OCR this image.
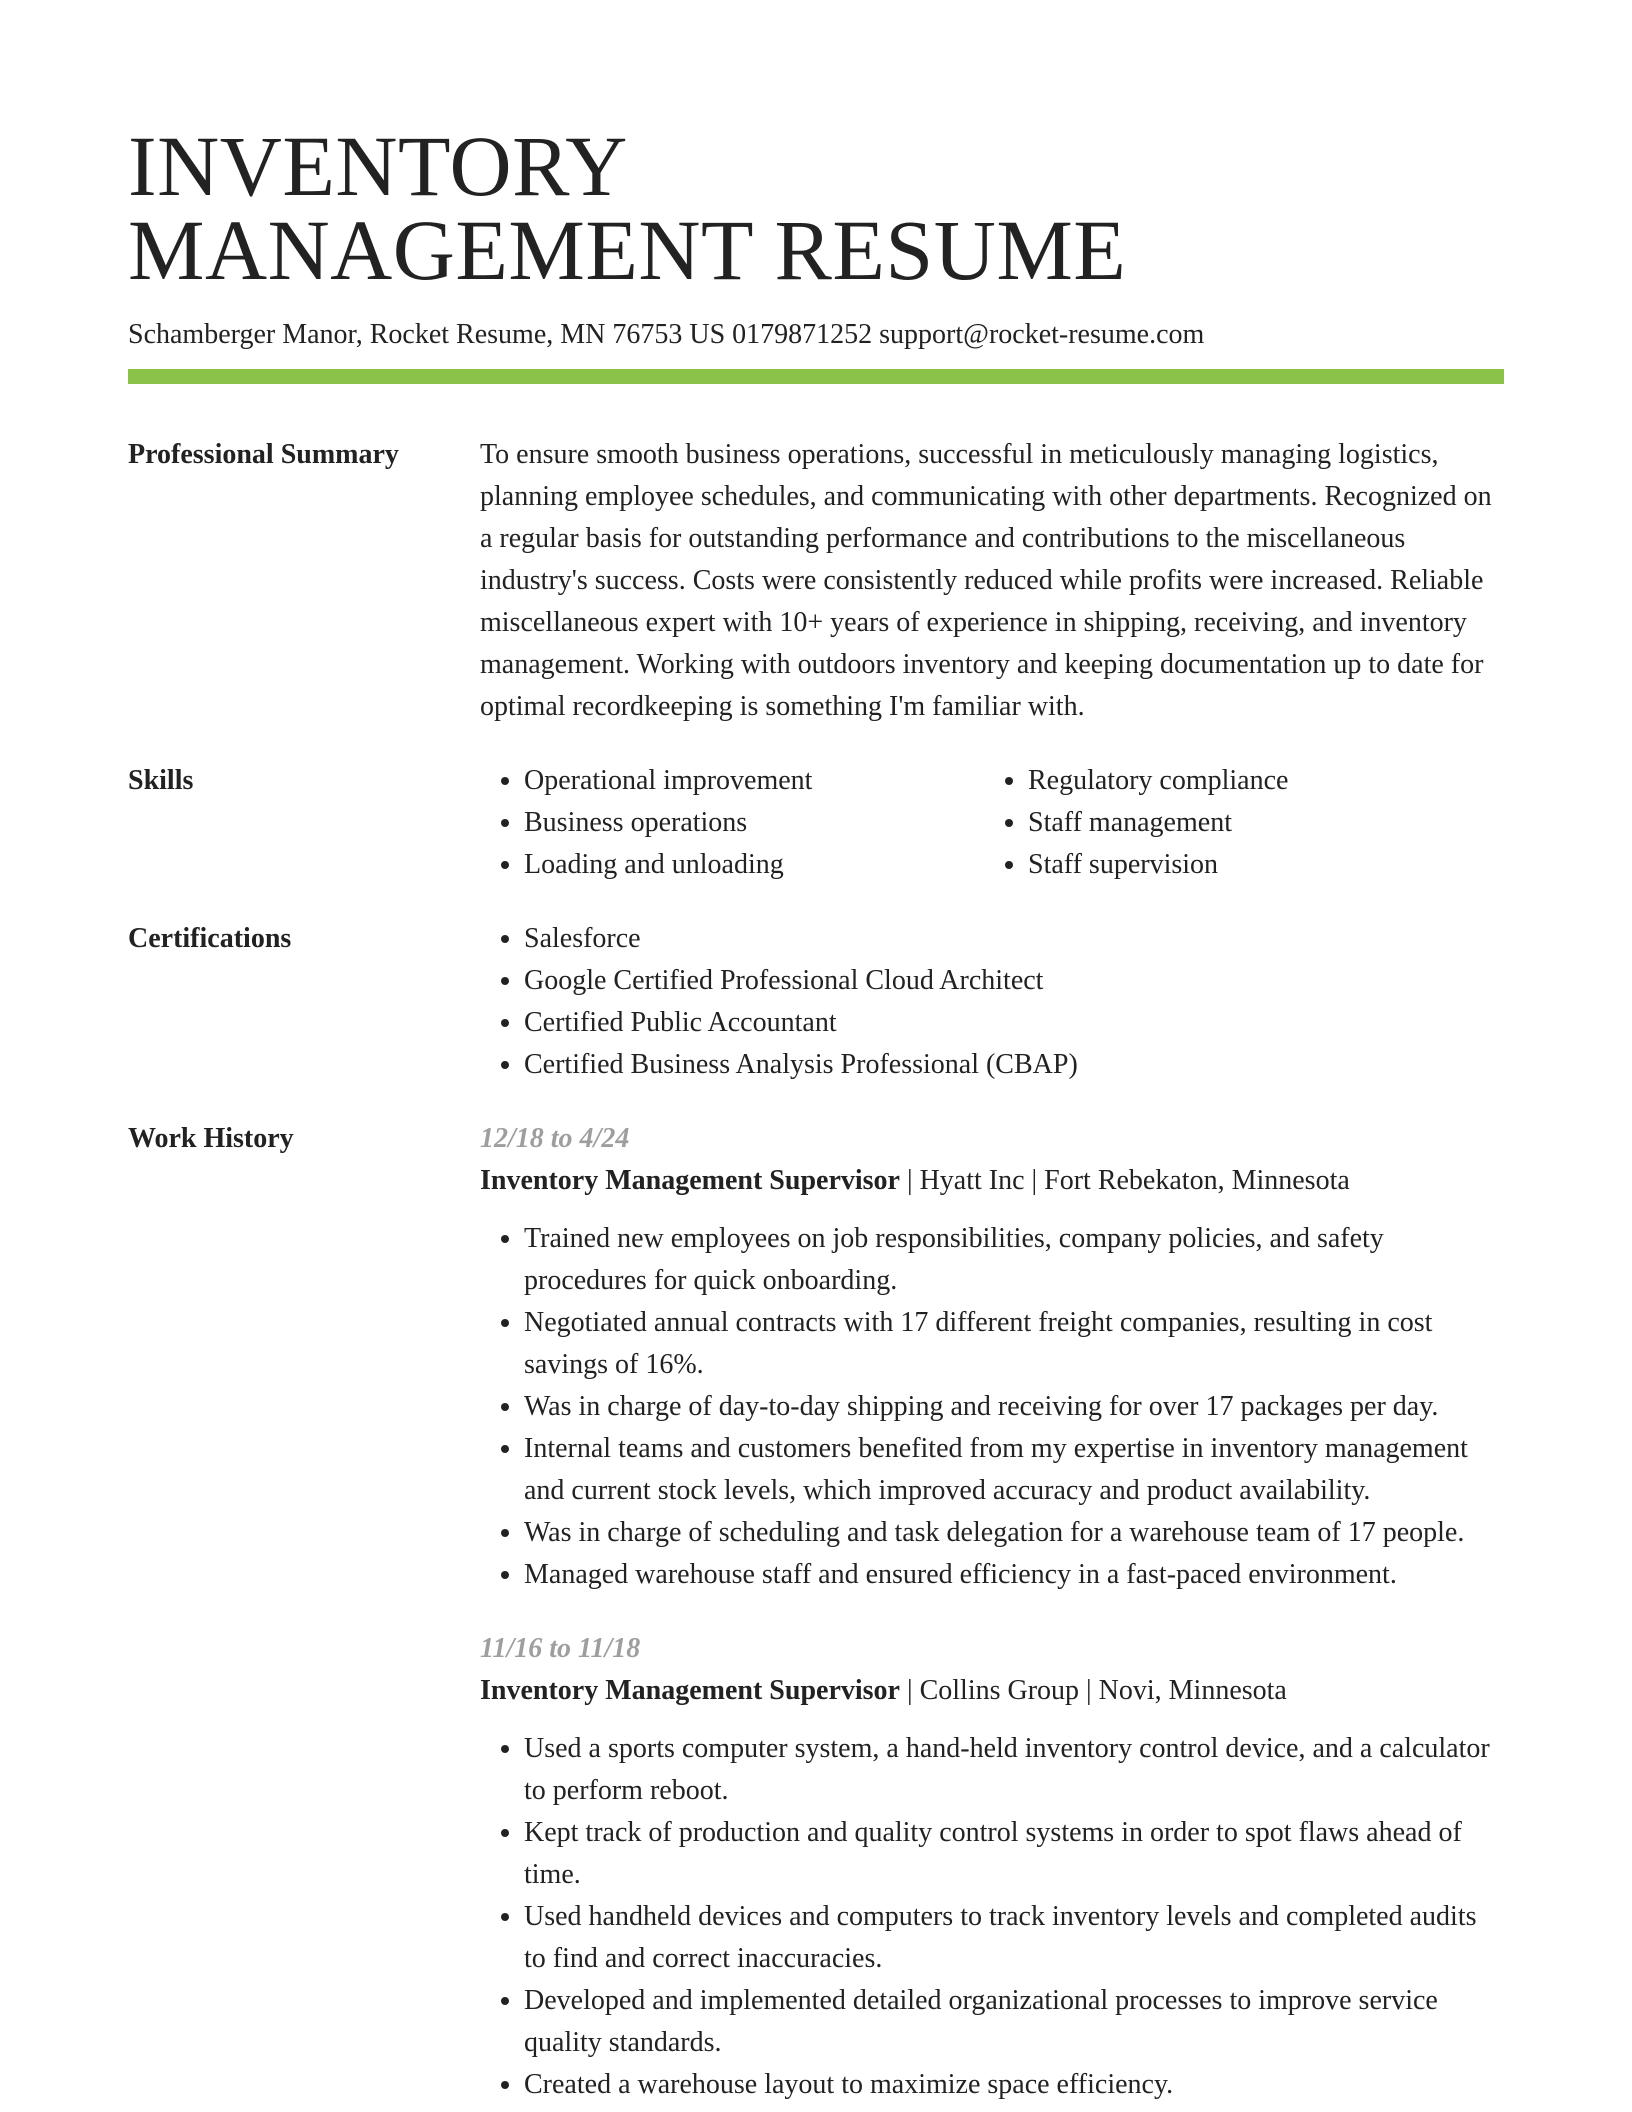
INVENTORY
MANAGEMENT RESUME
Schamberger Manor, Rocket Resume, MN 76753 US 0179871252 support@rocket-resume.com
Professional Summary	To ensure smooth business operations, successful in meticulously managing logistics, planning employee schedules, and communicating with other departments. Recognized on a regular basis for outstanding performance and contributions to the miscellaneous industry's success. Costs were consistently reduced while profits were increased. Reliable miscellaneous expert with 10+ years of experience in shipping, receiving, and inventory management. Working with outdoors inventory and keeping documentation up to date for optimal recordkeeping is something I'm familiar with.

Skills	• Operational improvement
• Business operations
• Loading and unloading
• Regulatory compliance
• Staff management
• Staff supervision
Certifications	• Salesforce
• Google Certified Professional Cloud Architect
• Certified Public Accountant
• Certified Business Analysis Professional (CBAP)
Work History	12/18 to 4/24
Inventory Management Supervisor | Hyatt Inc | Fort Rebekaton, Minnesota
• Trained new employees on job responsibilities, company policies, and safety procedures for quick onboarding.
• Negotiated annual contracts with 17 different freight companies, resulting in cost savings of 16%.
• Was in charge of day-to-day shipping and receiving for over 17 packages per day.
• Internal teams and customers benefited from my expertise in inventory management and current stock levels, which improved accuracy and product availability.
• Was in charge of scheduling and task delegation for a warehouse team of 17 people.
• Managed warehouse staff and ensured efficiency in a fast-paced environment.
11/16 to 11/18
Inventory Management Supervisor | Collins Group | Novi, Minnesota
• Used a sports computer system, a hand-held inventory control device, and a calculator to perform reboot.
• Kept track of production and quality control systems in order to spot flaws ahead of time.
• Used handheld devices and computers to track inventory levels and completed audits to find and correct inaccuracies.
• Developed and implemented detailed organizational processes to improve service quality standards.
• Created a warehouse layout to maximize space efficiency.
